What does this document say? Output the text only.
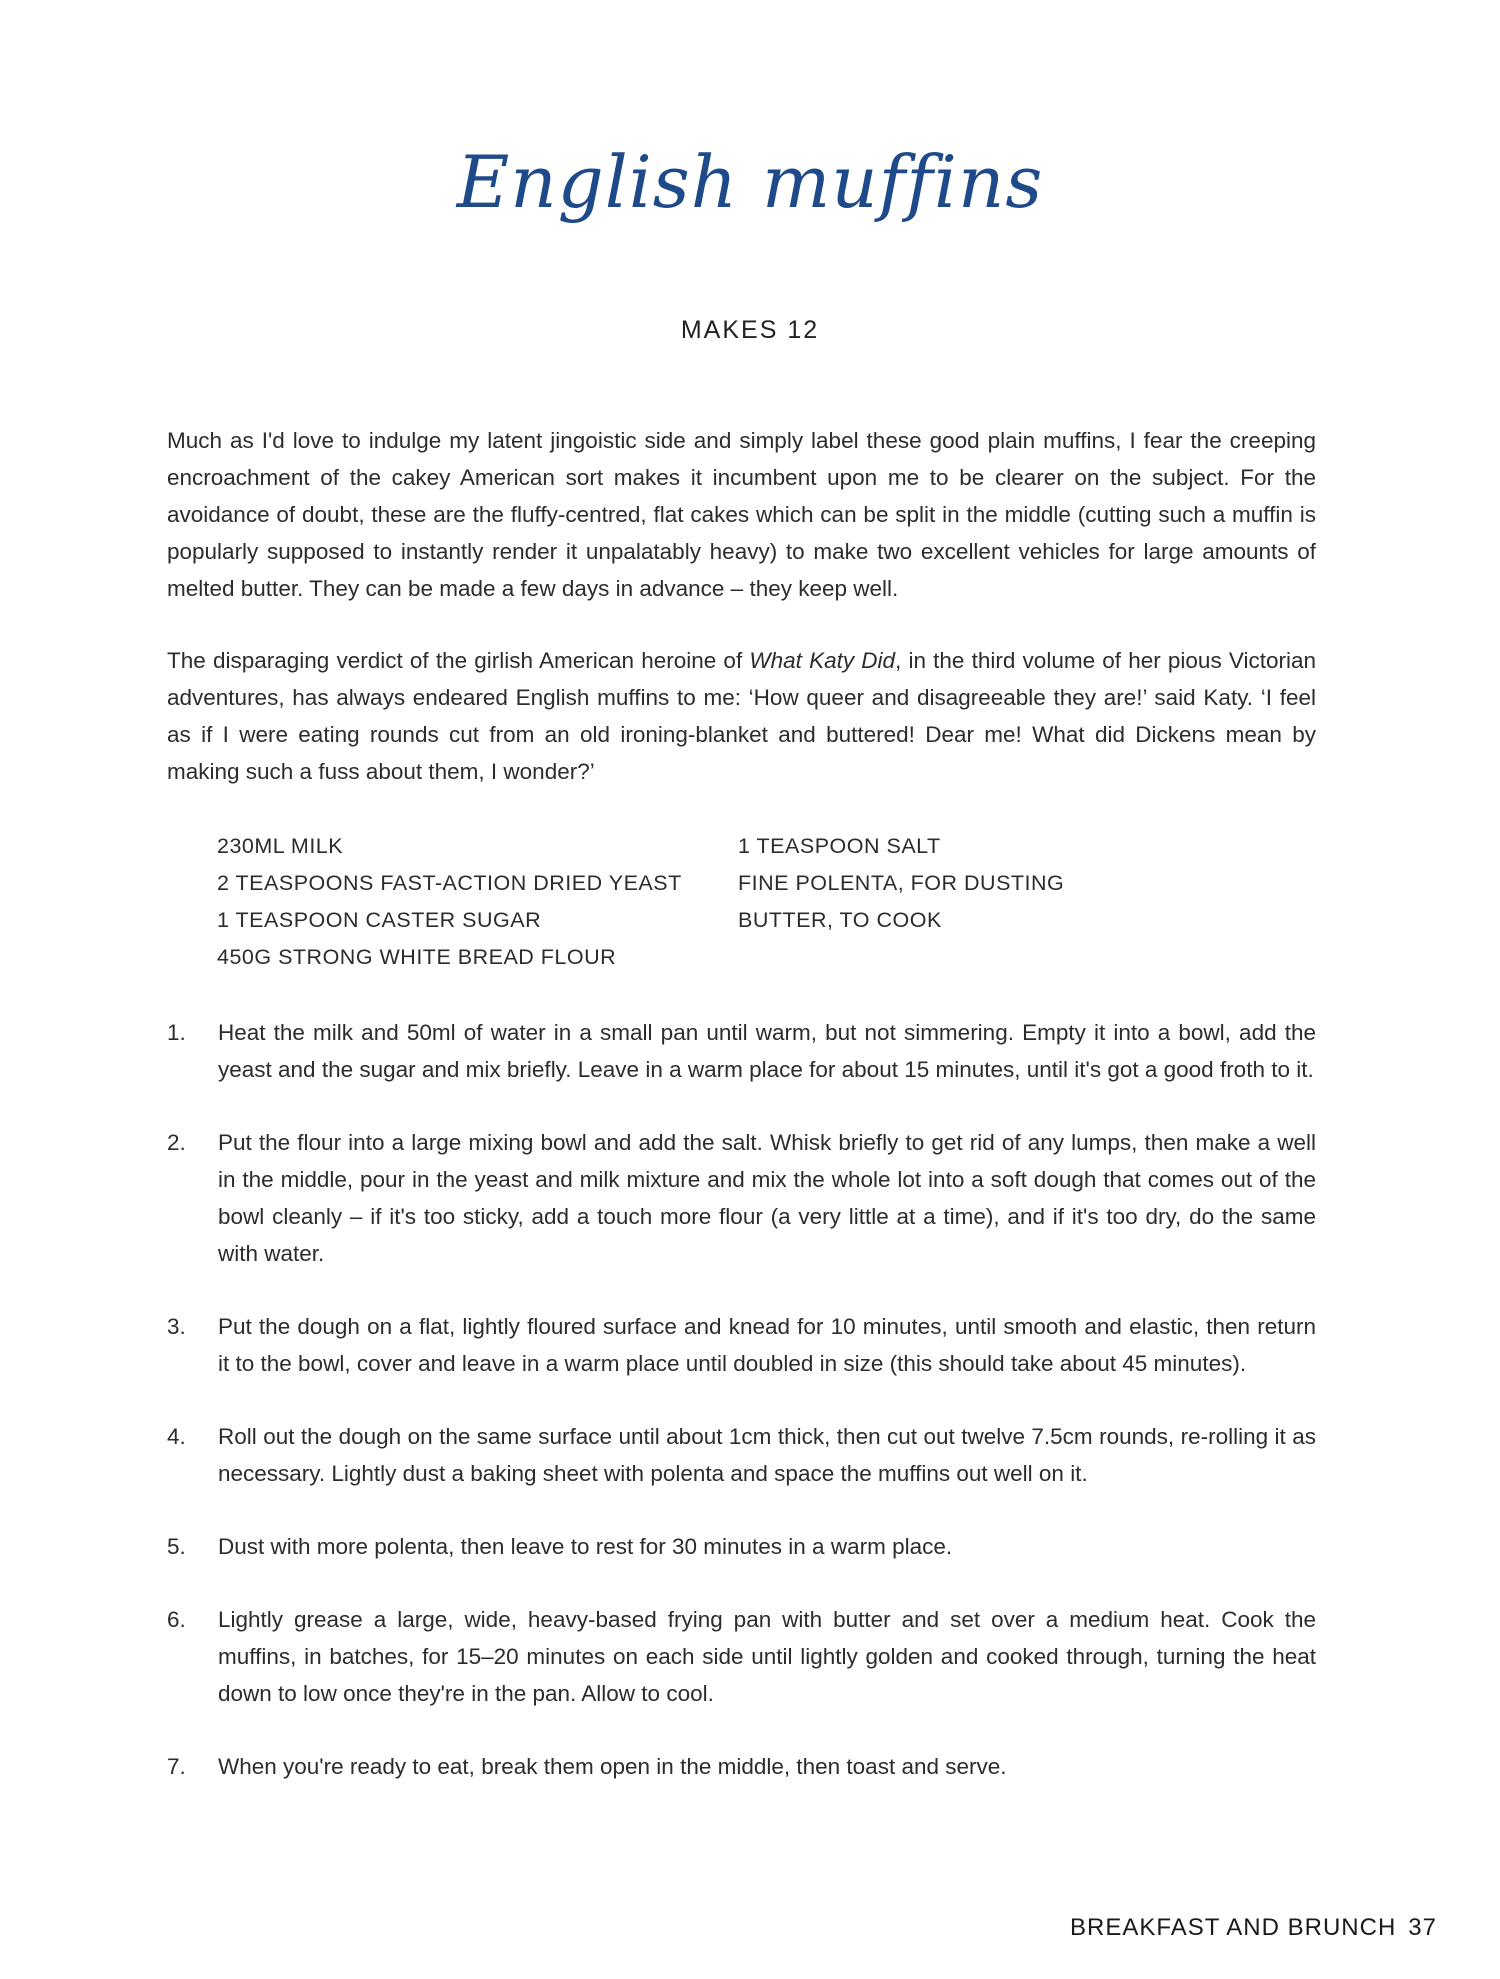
English muffins
MAKES 12

Much as I'd love to indulge my latent jingoistic side and simply label these good plain muffins, I fear the creeping encroachment of the cakey American sort makes it incumbent upon me to be clearer on the subject. For the avoidance of doubt, these are the fluffy-centred, flat cakes which can be split in the middle (cutting such a muffin is popularly supposed to instantly render it unpalatably heavy) to make two excellent vehicles for large amounts of melted butter. They can be made a few days in advance – they keep well.

The disparaging verdict of the girlish American heroine of What Katy Did, in the third volume of her pious Victorian adventures, has always endeared English muffins to me: ‘How queer and disagreeable they are!’ said Katy. ‘I feel as if I were eating rounds cut from an old ironing-blanket and buttered! Dear me! What did Dickens mean by making such a fuss about them, I wonder?’

230ML MILK
2 TEASPOONS FAST-ACTION DRIED YEAST
1 TEASPOON CASTER SUGAR
450G STRONG WHITE BREAD FLOUR
1 TEASPOON SALT
FINE POLENTA, FOR DUSTING
BUTTER, TO COOK
1. Heat the milk and 50ml of water in a small pan until warm, but not simmering. Empty it into a bowl, add the yeast and the sugar and mix briefly. Leave in a warm place for about 15 minutes, until it's got a good froth to it.
2. Put the flour into a large mixing bowl and add the salt. Whisk briefly to get rid of any lumps, then make a well in the middle, pour in the yeast and milk mixture and mix the whole lot into a soft dough that comes out of the bowl cleanly – if it's too sticky, add a touch more flour (a very little at a time), and if it's too dry, do the same with water.
3. Put the dough on a flat, lightly floured surface and knead for 10 minutes, until smooth and elastic, then return it to the bowl, cover and leave in a warm place until doubled in size (this should take about 45 minutes).
4. Roll out the dough on the same surface until about 1cm thick, then cut out twelve 7.5cm rounds, re-rolling it as necessary. Lightly dust a baking sheet with polenta and space the muffins out well on it.
5. Dust with more polenta, then leave to rest for 30 minutes in a warm place.
6. Lightly grease a large, wide, heavy-based frying pan with butter and set over a medium heat. Cook the muffins, in batches, for 15–20 minutes on each side until lightly golden and cooked through, turning the heat down to low once they're in the pan. Allow to cool.
7. When you're ready to eat, break them open in the middle, then toast and serve.
BREAKFAST AND BRUNCH 37
